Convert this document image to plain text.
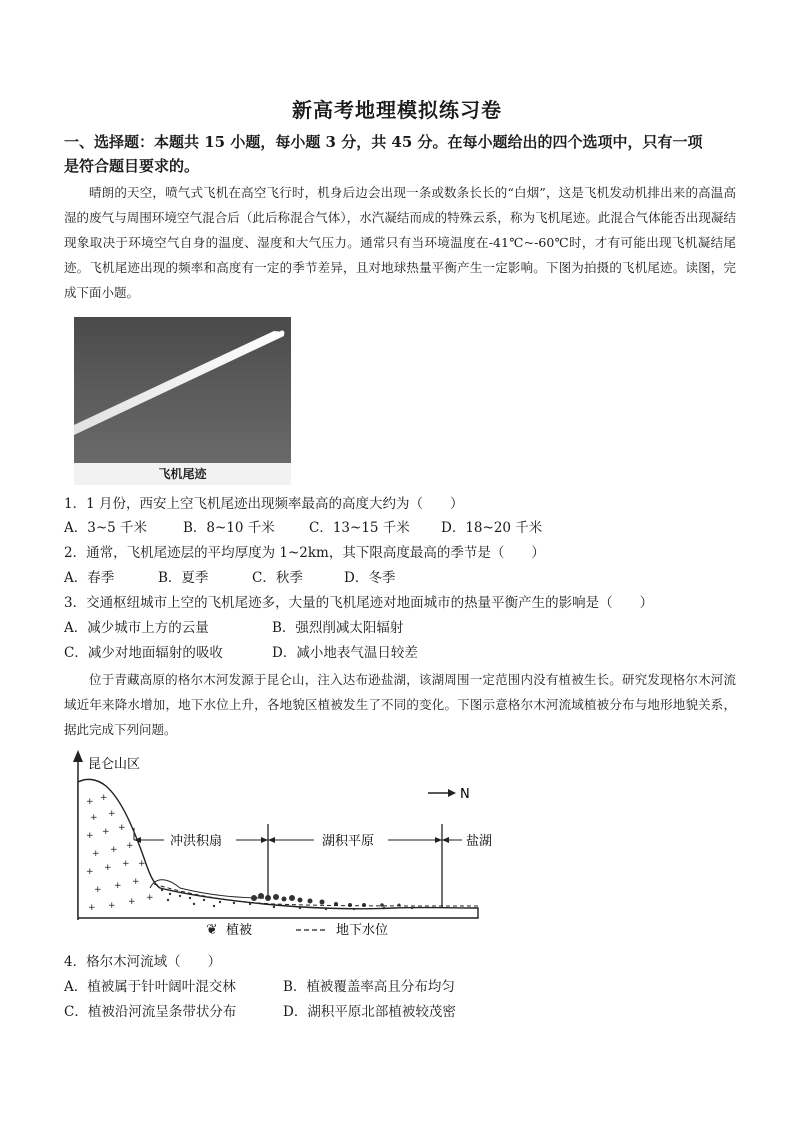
新高考地理模拟练习卷
一、选择题：本题共 15 小题，每小题 3 分，共 45 分。在每小题给出的四个选项中，只有一项
是符合题目要求的。
晴朗的天空，喷气式飞机在高空飞行时，机身后边会出现一条或数条长长的“白烟”，这是飞机发动机排出来的高温高湿的废气与周围环境空气混合后（此后称混合气体），水汽凝结而成的特殊云系，称为飞机尾迹。此混合气体能否出现凝结现象取决于环境空气自身的温度、湿度和大气压力。通常只有当环境温度在-41℃~-60℃时，才有可能出现飞机凝结尾迹。飞机尾迹出现的频率和高度有一定的季节差异，且对地球热量平衡产生一定影响。下图为拍摄的飞机尾迹。读图，完成下面小题。
飞机尾迹
1．1 月份，西安上空飞机尾迹出现频率最高的高度大约为（　　）
A．3~5 千米	B．8~10 千米	C．13~15 千米 D．18~20 千米
2．通常，飞机尾迹层的平均厚度为 1~2km，其下限高度最高的季节是（　　）
A．春季	B．夏季	C．秋季	D．冬季
3．交通枢纽城市上空的飞机尾迹多，大量的飞机尾迹对地面城市的热量平衡产生的影响是（　　）
A．减少城市上方的云量	B．强烈削减太阳辐射
C．减少对地面辐射的吸收	D．减小地表气温日较差
位于青藏高原的格尔木河发源于昆仑山，注入达布逊盐湖，该湖周围一定范围内没有植被生长。研究发现格尔木河流域近年来降水增加，地下水位上升，各地貌区植被发生了不同的变化。下图示意格尔木河流域植被分布与地形地貌关系，据此完成下列问题。
昆仑山区
+ +
+ +
+ + +
+ + +
+ + + +
+ + +
+ + + +
冲洪积扇	湖积平原	盐湖
N
❦ 植被	地下水位
4．格尔木河流域（　　）
A．植被属于针叶阔叶混交林	B．植被覆盖率高且分布均匀
C．植被沿河流呈条带状分布	D．湖积平原北部植被较茂密
